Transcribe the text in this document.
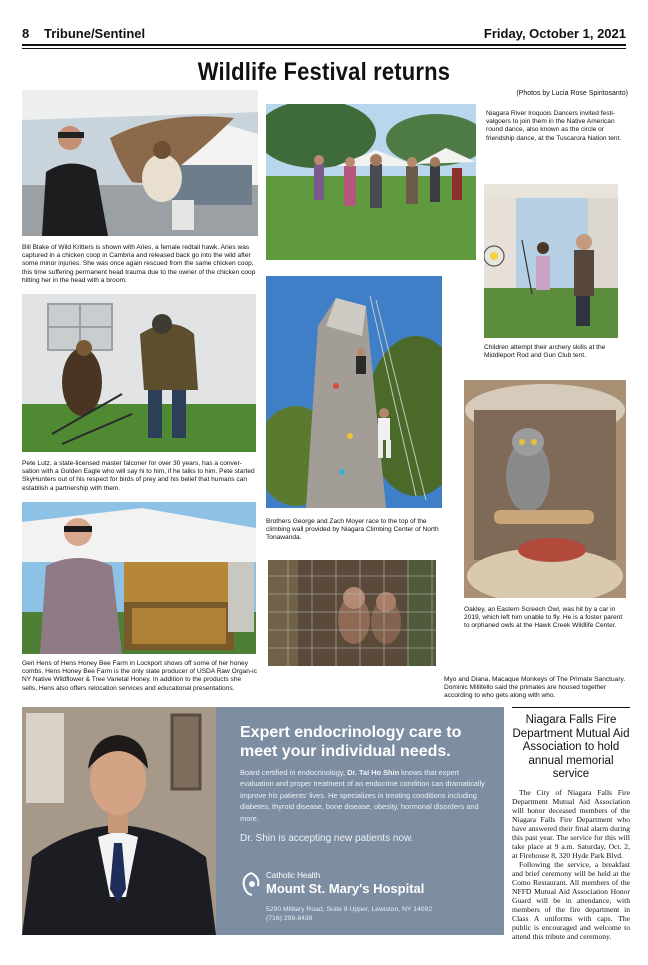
8	Tribune/Sentinel	Friday, October 1, 2021
Wildlife Festival returns
(Photos by Lucia Rose Spiritosanto)
Bill Blake of Wild Kritters is shown with Aries, a female redtail hawk. Aries was captured in a chicken coop in Cambria and released back go into the wild after some minor injuries. She was once again rescued from the same chicken coop, this time suffering permanent head trauma due to the owner of the chicken coop hitting her in the head with a broom.
Niagara River Iroquois Dancers invited festi-valgoers to join them in the Native American round dance, also known as the circle or friendship dance, at the Tuscarora Nation tent.
Children attempt their archery skills at the Middleport Rod and Gun Club tent.
Pete Lutz, a state-licensed master falconer for over 30 years, has a conver-sation with a Golden Eagle who will say hi to him, if he talks to him. Pete started SkyHunters out of his respect for birds of prey and his belief that humans can establish a partnership with them.
Brothers George and Zach Moyer race to the top of the climbing wall provided by Niagara Climbing Center of North Tonawanda.
Oakley, an Eastern Screech Owl, was hit by a car in 2019, which left him unable to fly. He is a foster parent to orphaned owls at the Hawk Creek Wildlife Center.
Geri Hens of Hens Honey Bee Farm in Lockport shows off some of her honey combs. Hens Honey Bee Farm is the only state producer of USDA Raw Organ-ic NY Native Wildflower & Tree Varietal Honey. In addition to the products she sells, Hens also offers relocation services and educational presentations.
Myo and Diana, Macaque Monkeys of The Primate Sanctuary. Dominic Millitello said the primates are housed together according to who gets along with who.
Expert endocrinology care to meet your individual needs.
Board certified in endocrinology, Dr. Tai Ho Shin knows that expert evaluation and proper treatment of an endocrine condition can dramatically improve his patients' lives. He specializes in treating conditions including diabetes, thyroid disease, bone disease, obesity, hormonal disorders and more.
Dr. Shin is accepting new patients now.
Catholic Health
Mount St. Mary's Hospital
5290 Military Road, Suite 8 Upper, Lewiston, NY 14092
(716) 298-8438
Niagara Falls Fire Department Mutual Aid Association to hold annual memorial service

The City of Niagara Falls Fire Department Mutual Aid Association will honor deceased members of the Niagara Falls Fire Department who have answered their final alarm during this past year. The service for this will take place at 9 a.m. Saturday, Oct. 2, at Firehouse 8, 320 Hyde Park Blvd.

Following the service, a breakfast and brief ceremony will be held at the Como Restaurant. All members of the NFFD Mutual Aid Association Honor Guard will be in attendance, with members of the fire department in Class A uniforms with caps. The public is encouraged and welcome to attend this tribute and ceremony.
